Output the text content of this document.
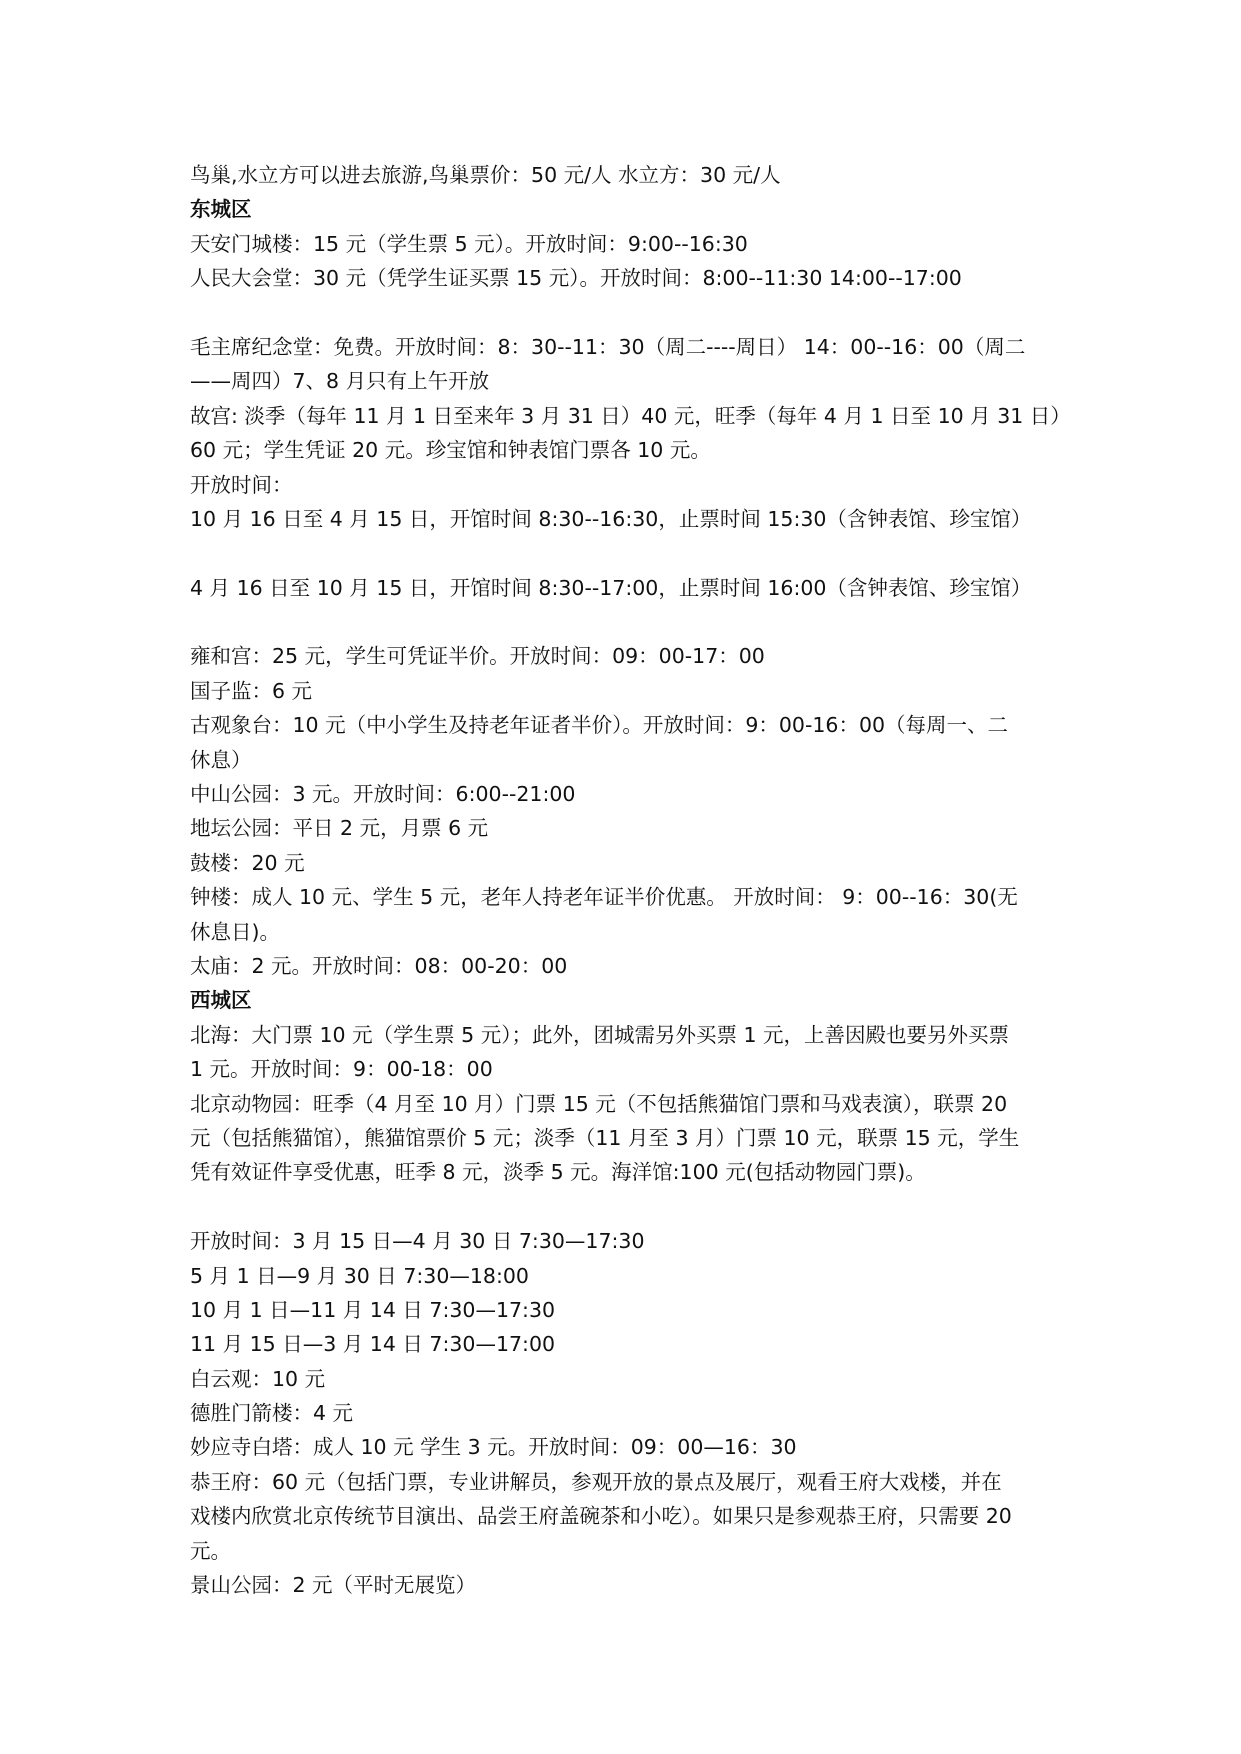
鸟巢,水立方可以进去旅游,鸟巢票价：50 元/人 水立方：30 元/人
东城区
天安门城楼：15 元（学生票 5 元）。开放时间：9:00--16:30
人民大会堂：30 元（凭学生证买票 15 元）。开放时间：8:00--11:30 14:00--17:00
毛主席纪念堂：免费。开放时间：8：30--11：30（周二----周日） 14：00--16：00（周二
——周四）7、8 月只有上午开放
故宫: 淡季（每年 11 月 1 日至来年 3 月 31 日）40 元，旺季（每年 4 月 1 日至 10 月 31 日）
60 元；学生凭证 20 元。珍宝馆和钟表馆门票各 10 元。
开放时间：
10 月 16 日至 4 月 15 日，开馆时间 8:30--16:30，止票时间 15:30（含钟表馆、珍宝馆）
4 月 16 日至 10 月 15 日，开馆时间 8:30--17:00，止票时间 16:00（含钟表馆、珍宝馆）
雍和宫：25 元，学生可凭证半价。开放时间：09：00-17：00
国子监：6 元
古观象台：10 元（中小学生及持老年证者半价）。开放时间：9：00-16：00（每周一、二
休息）
中山公园：3 元。开放时间：6:00--21:00
地坛公园：平日 2 元，月票 6 元
鼓楼：20 元
钟楼：成人 10 元、学生 5 元，老年人持老年证半价优惠。 开放时间： 9：00--16：30(无
休息日)。
太庙：2 元。开放时间：08：00-20：00
西城区
北海：大门票 10 元（学生票 5 元）；此外，团城需另外买票 1 元，上善因殿也要另外买票
1 元。开放时间：9：00-18：00
北京动物园：旺季（4 月至 10 月）门票 15 元（不包括熊猫馆门票和马戏表演），联票 20
元（包括熊猫馆），熊猫馆票价 5 元；淡季（11 月至 3 月）门票 10 元，联票 15 元，学生
凭有效证件享受优惠，旺季 8 元，淡季 5 元。海洋馆:100 元(包括动物园门票)。
开放时间：3 月 15 日—4 月 30 日 7:30—17:30
5 月 1 日—9 月 30 日 7:30—18:00
10 月 1 日—11 月 14 日 7:30—17:30
11 月 15 日—3 月 14 日 7:30—17:00
白云观：10 元
德胜门箭楼：4 元
妙应寺白塔：成人 10 元 学生 3 元。开放时间：09：00—16：30
恭王府：60 元（包括门票，专业讲解员，参观开放的景点及展厅，观看王府大戏楼，并在
戏楼内欣赏北京传统节目演出、品尝王府盖碗茶和小吃）。如果只是参观恭王府，只需要 20
元。
景山公园：2 元（平时无展览）
